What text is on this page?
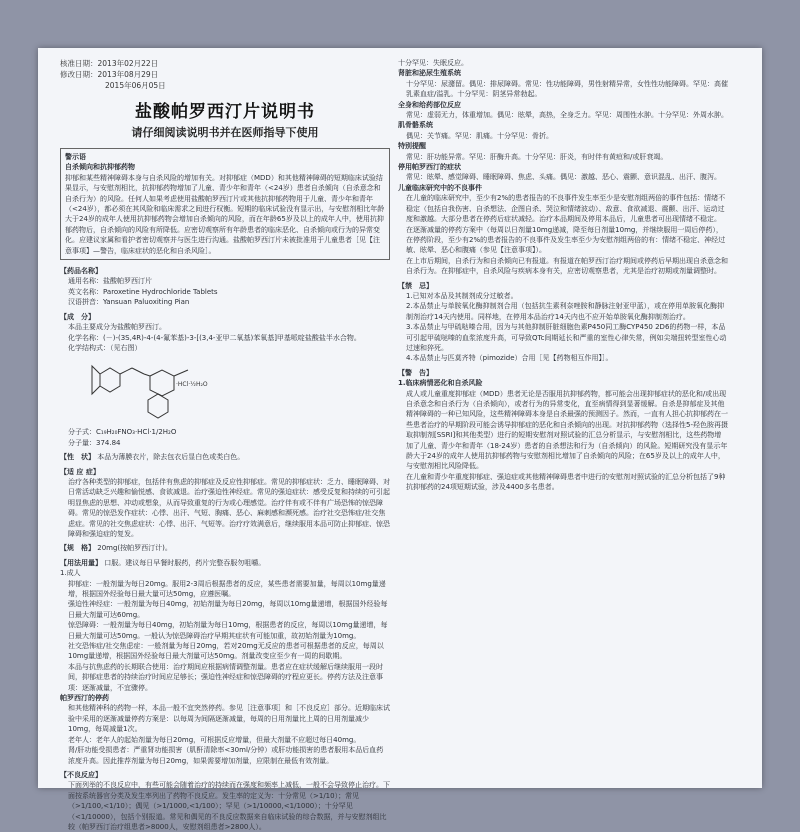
核准日期：2013年02月22日
修改日期：2013年08月29日
2015年06月05日
盐酸帕罗西汀片说明书
请仔细阅读说明书并在医师指导下使用
警示语
自杀倾向和抗抑郁药物
抑郁和某些精神障碍本身与自杀风险的增加有关。对抑郁症（MDD）和其他精神障碍的短期临床试验结果显示，与安慰剂相比，抗抑郁药物增加了儿童、青少年和青年（<24岁）患者自杀倾向（自杀意念和自杀行为）的风险。任何人如果考虑使用盐酸帕罗西汀片或其他抗抑郁药物用于儿童、青少年和青年（<24岁），都必须在其风险和临床需求之间进行权衡。短期的临床试验没有显示出，与安慰剂相比年龄大于24岁的成年人使用抗抑郁药物会增加自杀倾向的风险，而在年龄65岁及以上的成年人中，使用抗抑郁药物后，自杀倾向的风险有所降低。应密切观察所有年龄患者的临床恶化、自杀倾向或行为的异常变化。应建议家属和看护者密切观察并与医生进行沟通。盐酸帕罗西汀片未被批准用于儿童患者［见【注意事项】—警告，临床症状的恶化和自杀风险］。
【药品名称】
通用名称：盐酸帕罗西汀片
英文名称：Paroxetine Hydrochloride Tablets
汉语拼音：Yansuan Paluoxiting Pian
【成　分】
本品主要成分为盐酸帕罗西汀。
化学名称：(－)-(3S,4R)-4-(4-氟苯基)-3-[(3,4-亚甲二氧基)苯氧基]甲基哌啶盐酸盐半水合物。
化学结构式：（见右图）
·HCl·½H₂O
分子式：C₁₉H₂₀FNO₃·HCl·1/2H₂O
分子量：374.84
【性　状】 本品为薄膜衣片，除去包衣后显白色或类白色。
【适 应 症】
治疗各种类型的抑郁症，包括伴有焦虑的抑郁症及反应性抑郁症。常见的抑郁症状：乏力、睡眠障碍、对日常活动缺乏兴趣和愉悦感、食欲减退。治疗强迫性神经症。常见的强迫症状：感受反复和持续的可引起明显焦虑的思想、冲动或想象，从而导致重复的行为或心理感觉。治疗伴有或不伴有广场恐怖的惊恐障碍。常见的惊恐发作症状：心悸、出汗、气短、胸痛、恶心、麻刺感和濒死感。治疗社交恐怖症/社交焦虑症。常见的社交焦虑症状：心悸、出汗、气短等。治疗疗效满意后，继续服用本品可防止抑郁症、惊恐障碍和强迫症的复发。
【规　格】 20mg(按帕罗西汀计)。
【用法用量】 口服。建议每日早餐时服药，药片完整吞服勿咀嚼。
1.成人
抑郁症：一般剂量为每日20mg。服用2-3周后根据患者的反应，某些患者需要加量，每周以10mg量递增，根据国外经验每日最大量可达50mg，应遵医嘱。
强迫性神经症：一般剂量为每日40mg，初始剂量为每日20mg，每周以10mg量递增，根据国外经验每日最大剂量可达60mg。
惊恐障碍：一般剂量为每日40mg，初始剂量为每日10mg，根据患者的反应，每周以10mg量递增，每日最大剂量可达50mg。一般认为惊恐障碍治疗早期其症状有可能加重，故初始剂量为10mg。
社交恐怖症/社交焦虑症：一般剂量为每日20mg，若对20mg无反应的患者可根据患者的反应，每周以10mg量递增，根据国外经验每日最大剂量可达50mg。剂量改变应至少有一周的间歇期。
本品与抗焦虑药的长期联合使用：治疗期间应根据病情调整剂量。患者应在症状缓解后继续服用一段时间，抑郁症患者的持续治疗时间应足够长；强迫性神经症和惊恐障碍的疗程应更长。停药方法及注意事项：逐渐减量，不宜骤停。
帕罗西汀的停药
和其他精神科的药物一样，本品一般不宜突然停药。参见［注意事项］和［不良反应］部分。近期临床试验中采用的逐渐减量停药方案是：以每周为间隔逐渐减量，每周的日用剂量比上周的日用剂量减少10mg，每周减量1次。
老年人：老年人的起始剂量为每日20mg，可根据反应增量，但最大剂量不应超过每日40mg。
肾/肝功能受损患者：严重肾功能损害（肌酐清除率<30ml/分钟）或肝功能损害的患者服用本品后血药浓度升高。因此推荐剂量为每日20mg，如果需要增加剂量，应限制在最低有效剂量。
【不良反应】
下面列举的不良反应中，有些可能会随着治疗的持续而在强度和频率上减低，一般不会导致停止治疗。下面按系统器官分类及发生率列出了药物不良反应。发生率的定义为：十分常见（>1/10）；常见（>1/100,<1/10）；偶见（>1/1000,<1/100）；罕见（>1/10000,<1/1000）；十分罕见（<1/10000），包括个别报道。常见和偶见的不良反应数据来自临床试验的综合数据，并与安慰剂组比较（帕罗西汀治疗组患者>8000人，安慰剂组患者>2800人）。
十分罕见：失眠反应。
肾脏和泌尿生殖系统
十分罕见：尿潴留。偶见：排尿障碍。常见：性功能障碍，男性射精异常，女性性功能障碍。罕见：高催乳素血症/溢乳。十分罕见：阴茎异常勃起。
全身和给药部位反应
常见：虚弱无力，体重增加。偶见：眩晕，高热，全身乏力。罕见：周围性水肿。十分罕见：外周水肿。
肌骨骼系统
偶见：关节痛。罕见：肌痛。十分罕见：骨折。
特别提醒
常见：肝功能异常。罕见：肝酶升高。十分罕见：肝炎，有时伴有黄疸和/或肝衰竭。
停用帕罗西汀的症状
常见：眩晕、感觉障碍、睡眠障碍、焦虑、头痛。偶见：激越、恶心、震颤、意识混乱、出汗、腹泻。
儿童临床研究中的不良事件
在儿童的临床研究中，至少有2%的患者报告的不良事件发生率至少是安慰剂组两倍的事件包括：情绪不稳定（包括自我伤害、自杀想法、企图自杀、哭泣和情绪波动）、敌意、食欲减退、震颤、出汗、运动过度和激越。大部分患者在停药后症状减轻。治疗本品期间及停用本品后，儿童患者可出现情绪不稳定。
在逐渐减量的停药方案中（每周以日剂量10mg递减，降至每日剂量10mg，并继续服用一周后停药），在停药阶段，至少有2%的患者报告的不良事件及发生率至少为安慰剂组两倍的有：情绪不稳定、神经过敏、眩晕、恶心和腹痛（参见【注意事项】）。
在上市后期间，自杀行为和自杀倾向已有报道。有报道在帕罗西汀治疗期间或停药后早期出现自杀意念和自杀行为。在抑郁症中，自杀风险与疾病本身有关，应密切观察患者，尤其是治疗初期或剂量调整时。
【禁　忌】
1.已知对本品及其制剂成分过敏者。
2.本品禁止与单胺氧化酶抑制剂合用（包括抗生素利奈唑胺和静脉注射亚甲蓝），或在停用单胺氧化酶抑制剂治疗14天内使用。同样地，在停用本品治疗14天内也不应开始单胺氧化酶抑制剂治疗。
3.本品禁止与甲硫哒嗪合用，因为与其他抑制肝脏细胞色素P450同工酶CYP450 2D6的药物一样，本品可引起甲硫哒嗪的血浆浓度升高，可导致QTc间期延长和严重的室性心律失常，例如尖端扭转型室性心动过速和猝死。
4.本品禁止与匹莫齐特（pimozide）合用［见【药物相互作用】］。
【警　告】
1.临床病情恶化和自杀风险
成人或儿童重度抑郁症（MDD）患者无论是否服用抗抑郁药物，都可能会出现抑郁症状的恶化和/或出现自杀意念和自杀行为（自杀倾向），或者行为的异常变化，直至病情得到显著缓解。自杀是抑郁症及其他精神障碍的一种已知风险，这些精神障碍本身是自杀最强的预测因子。然而，一直有人担心抗抑郁药在一些患者治疗的早期阶段可能会诱导抑郁症的恶化和自杀倾向的出现。对抗抑郁药物（选择性5-羟色胺再摄取抑制剂[SSRI]和其他类型）进行的短期安慰剂对照试验的汇总分析显示，与安慰剂相比，这些药物增加了儿童、青少年和青年（18-24岁）患者的自杀想法和行为（自杀倾向）的风险。短期研究没有显示年龄大于24岁的成年人使用抗抑郁药物与安慰剂相比增加了自杀倾向的风险；在65岁及以上的成年人中，与安慰剂相比风险降低。
在儿童和青少年重度抑郁症、强迫症或其他精神障碍患者中进行的安慰剂对照试验的汇总分析包括了9种抗抑郁药的24项短期试验，涉及4400多名患者。
